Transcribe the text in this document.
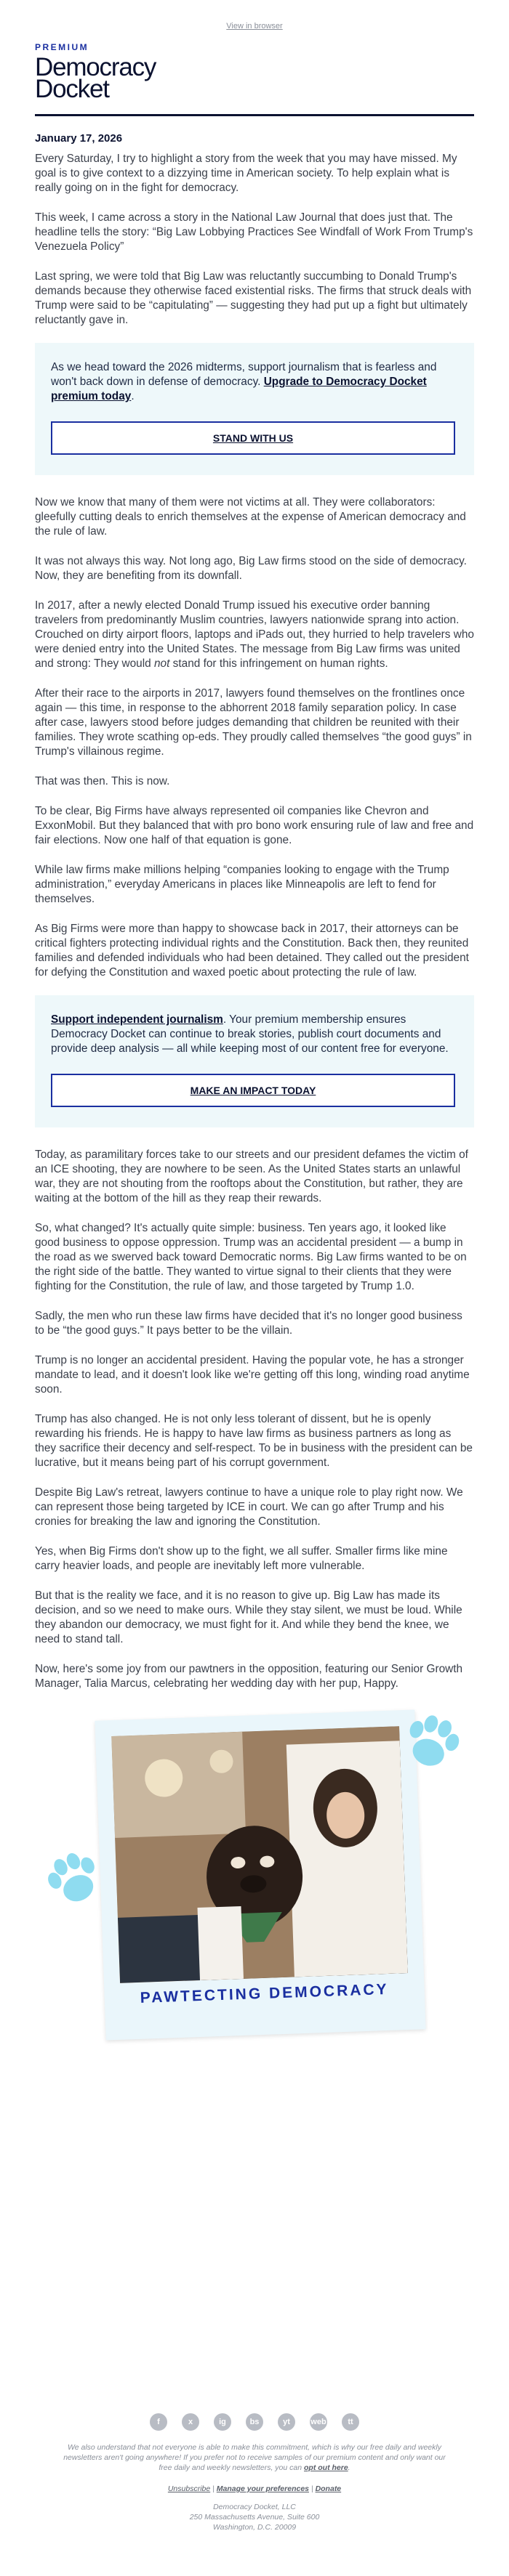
View in browser
PREMIUM
Democracy
Docket
January 17, 2026

Every Saturday, I try to highlight a story from the week that you may have missed. My goal is to give context to a dizzying time in American society. To help explain what is really going on in the fight for democracy.

This week, I came across a story in the National Law Journal that does just that. The headline tells the story: “Big Law Lobbying Practices See Windfall of Work From Trump's Venezuela Policy”

Last spring, we were told that Big Law was reluctantly succumbing to Donald Trump's demands because they otherwise faced existential risks. The firms that struck deals with Trump were said to be “capitulating” — suggesting they had put up a fight but ultimately reluctantly gave in.

As we head toward the 2026 midterms, support journalism that is fearless and won't back down in defense of democracy. Upgrade to Democracy Docket premium today.

STAND WITH US

Now we know that many of them were not victims at all. They were collaborators: gleefully cutting deals to enrich themselves at the expense of American democracy and the rule of law.

It was not always this way. Not long ago, Big Law firms stood on the side of democracy. Now, they are benefiting from its downfall.

In 2017, after a newly elected Donald Trump issued his executive order banning travelers from predominantly Muslim countries, lawyers nationwide sprang into action. Crouched on dirty airport floors, laptops and iPads out, they hurried to help travelers who were denied entry into the United States. The message from Big Law firms was united and strong: They would not stand for this infringement on human rights.

After their race to the airports in 2017, lawyers found themselves on the frontlines once again — this time, in response to the abhorrent 2018 family separation policy. In case after case, lawyers stood before judges demanding that children be reunited with their families. They wrote scathing op-eds. They proudly called themselves “the good guys” in Trump's villainous regime.

That was then. This is now.

To be clear, Big Firms have always represented oil companies like Chevron and ExxonMobil. But they balanced that with pro bono work ensuring rule of law and free and fair elections. Now one half of that equation is gone.

While law firms make millions helping “companies looking to engage with the Trump administration,” everyday Americans in places like Minneapolis are left to fend for themselves.

As Big Firms were more than happy to showcase back in 2017, their attorneys can be critical fighters protecting individual rights and the Constitution. Back then, they reunited families and defended individuals who had been detained. They called out the president for defying the Constitution and waxed poetic about protecting the rule of law.

Support independent journalism. Your premium membership ensures Democracy Docket can continue to break stories, publish court documents and provide deep analysis — all while keeping most of our content free for everyone.

MAKE AN IMPACT TODAY

Today, as paramilitary forces take to our streets and our president defames the victim of an ICE shooting, they are nowhere to be seen. As the United States starts an unlawful war, they are not shouting from the rooftops about the Constitution, but rather, they are waiting at the bottom of the hill as they reap their rewards.

So, what changed? It's actually quite simple: business. Ten years ago, it looked like good business to oppose oppression. Trump was an accidental president — a bump in the road as we swerved back toward Democratic norms. Big Law firms wanted to be on the right side of the battle. They wanted to virtue signal to their clients that they were fighting for the Constitution, the rule of law, and those targeted by Trump 1.0.

Sadly, the men who run these law firms have decided that it's no longer good business to be “the good guys.” It pays better to be the villain.

Trump is no longer an accidental president. Having the popular vote, he has a stronger mandate to lead, and it doesn't look like we're getting off this long, winding road anytime soon.

Trump has also changed. He is not only less tolerant of dissent, but he is openly rewarding his friends. He is happy to have law firms as business partners as long as they sacrifice their decency and self-respect. To be in business with the president can be lucrative, but it means being part of his corrupt government.

Despite Big Law's retreat, lawyers continue to have a unique role to play right now. We can represent those being targeted by ICE in court. We can go after Trump and his cronies for breaking the law and ignoring the Constitution.

Yes, when Big Firms don't show up to the fight, we all suffer. Smaller firms like mine carry heavier loads, and people are inevitably left more vulnerable.

But that is the reality we face, and it is no reason to give up. Big Law has made its decision, and so we need to make ours. While they stay silent, we must be loud. While they abandon our democracy, we must fight for it. And while they bend the knee, we need to stand tall.

Now, here's some joy from our pawtners in the opposition, featuring our Senior Growth Manager, Talia Marcus, celebrating her wedding day with her pup, Happy.

PAWTECTING DEMOCRACY
f	x	ig	bs	yt	web	tt
We also understand that not everyone is able to make this commitment, which is why our free daily and weekly newsletters aren't going anywhere! If you prefer not to receive samples of our premium content and only want our free daily and weekly newsletters, you can opt out here.
Unsubscribe | Manage your preferences | Donate
Democracy Docket, LLC
250 Massachusetts Avenue, Suite 600
Washington, D.C. 20009
